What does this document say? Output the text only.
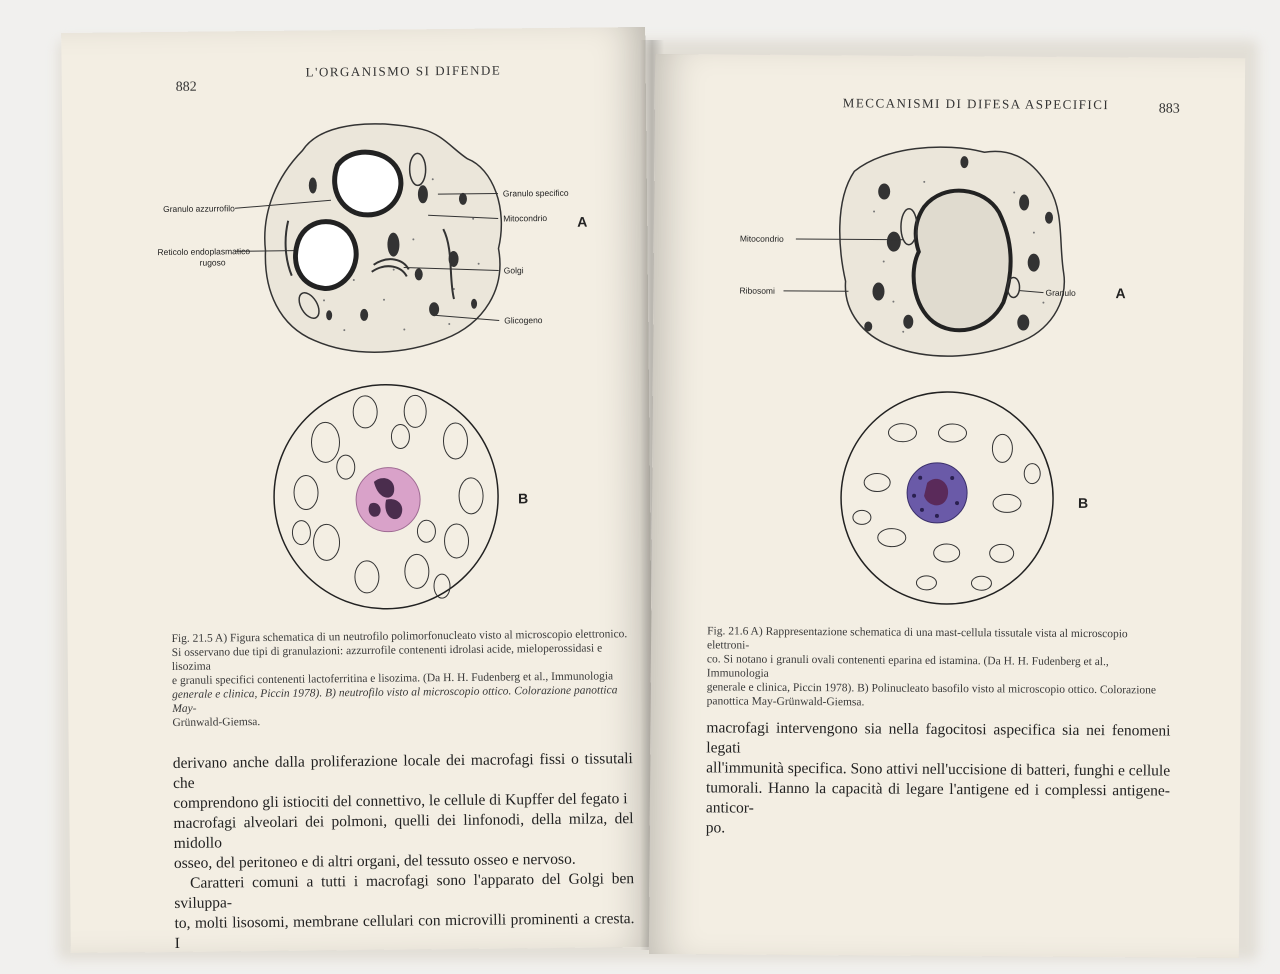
882
L'ORGANISMO SI DIFENDE
Granulo azzurrofilo
Reticolo endoplasmatico
rugoso
Granulo specifico
Mitocondrio
Golgi
Glicogeno
A
B
Fig. 21.5 A) Figura schematica di un neutrofilo polimorfonucleato visto al microscopio elettronico.
Si osservano due tipi di granulazioni: azzurrofile contenenti idrolasi acide, mieloperossidasi e lisozima
e granuli specifici contenenti lactoferritina e lisozima. (Da H. H. Fudenberg et al., Immunologia
generale e clinica, Piccin 1978). B) neutrofilo visto al microscopio ottico. Colorazione panottica May-
Grünwald-Giemsa.

derivano anche dalla proliferazione locale dei macrofagi fissi o tissutali che

comprendono gli istiociti del connettivo, le cellule di Kupffer del fegato i

macrofagi alveolari dei polmoni, quelli dei linfonodi, della milza, del midollo

osseo, del peritoneo e di altri organi, del tessuto osseo e nervoso.

Caratteri comuni a tutti i macrofagi sono l'apparato del Golgi ben sviluppa-

to, molti lisosomi, membrane cellulari con microvilli prominenti a cresta. I

MECCANISMI DI DIFESA ASPECIFICI	883
Mitocondrio
Ribosomi	Granulo	A
B
Fig. 21.6 A) Rappresentazione schematica di una mast-cellula tissutale vista al microscopio elettroni-
co. Si notano i granuli ovali contenenti eparina ed istamina. (Da H. H. Fudenberg et al., Immunologia
generale e clinica, Piccin 1978). B) Polinucleato basofilo visto al microscopio ottico. Colorazione
panottica May-Grünwald-Giemsa.

macrofagi intervengono sia nella fagocitosi aspecifica sia nei fenomeni legati

all'immunità specifica. Sono attivi nell'uccisione di batteri, funghi e cellule

tumorali. Hanno la capacità di legare l'antigene ed i complessi antigene-anticor-

po.
